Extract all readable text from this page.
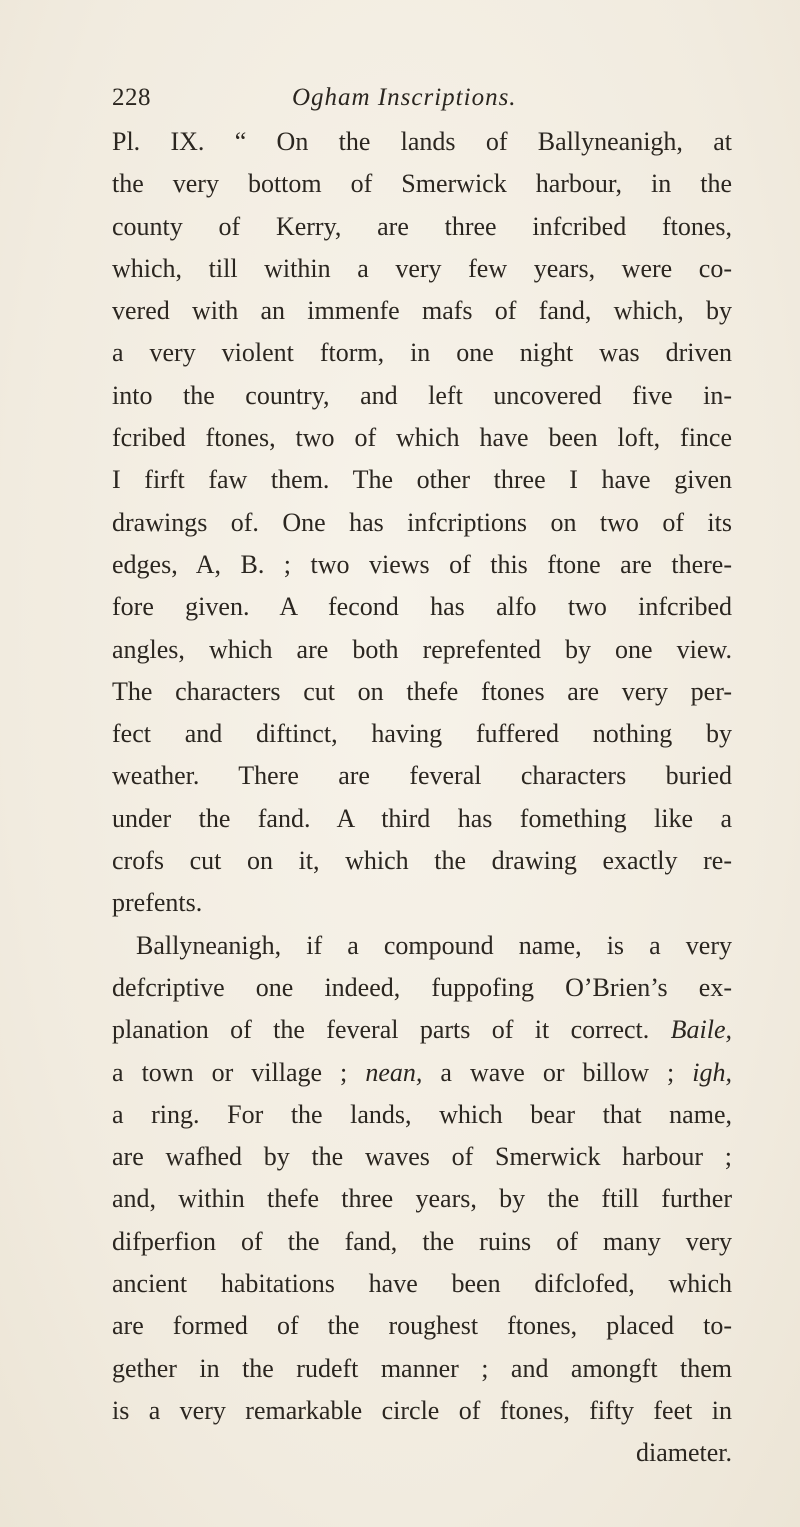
228	Ogham Inscriptions.
Pl. IX. “ On the lands of Ballyneanigh, at
the very bottom of Smerwick harbour, in the
county of Kerry, are three infcribed ftones,
which, till within a very few years, were co-
vered with an immenfe mafs of fand, which, by
a very violent ftorm, in one night was driven
into the country, and left uncovered five in-
fcribed ftones, two of which have been loft, fince
I firft faw them. The other three I have given
drawings of. One has infcriptions on two of its
edges, A, B. ; two views of this ftone are there-
fore given. A fecond has alfo two infcribed
angles, which are both reprefented by one view.
The characters cut on thefe ftones are very per-
fect and diftinct, having fuffered nothing by
weather. There are feveral characters buried
under the fand. A third has fomething like a
crofs cut on it, which the drawing exactly re-
prefents.
Ballyneanigh, if a compound name, is a very
defcriptive one indeed, fuppofing O’Brien’s ex-
planation of the feveral parts of it correct. Baile,
a town or village ; nean, a wave or billow ; igh,
a ring. For the lands, which bear that name,
are wafhed by the waves of Smerwick harbour ;
and, within thefe three years, by the ftill further
difperfion of the fand, the ruins of many very
ancient habitations have been difclofed, which
are formed of the roughest ftones, placed to-
gether in the rudeft manner ; and amongft them
is a very remarkable circle of ftones, fifty feet in
diameter.
